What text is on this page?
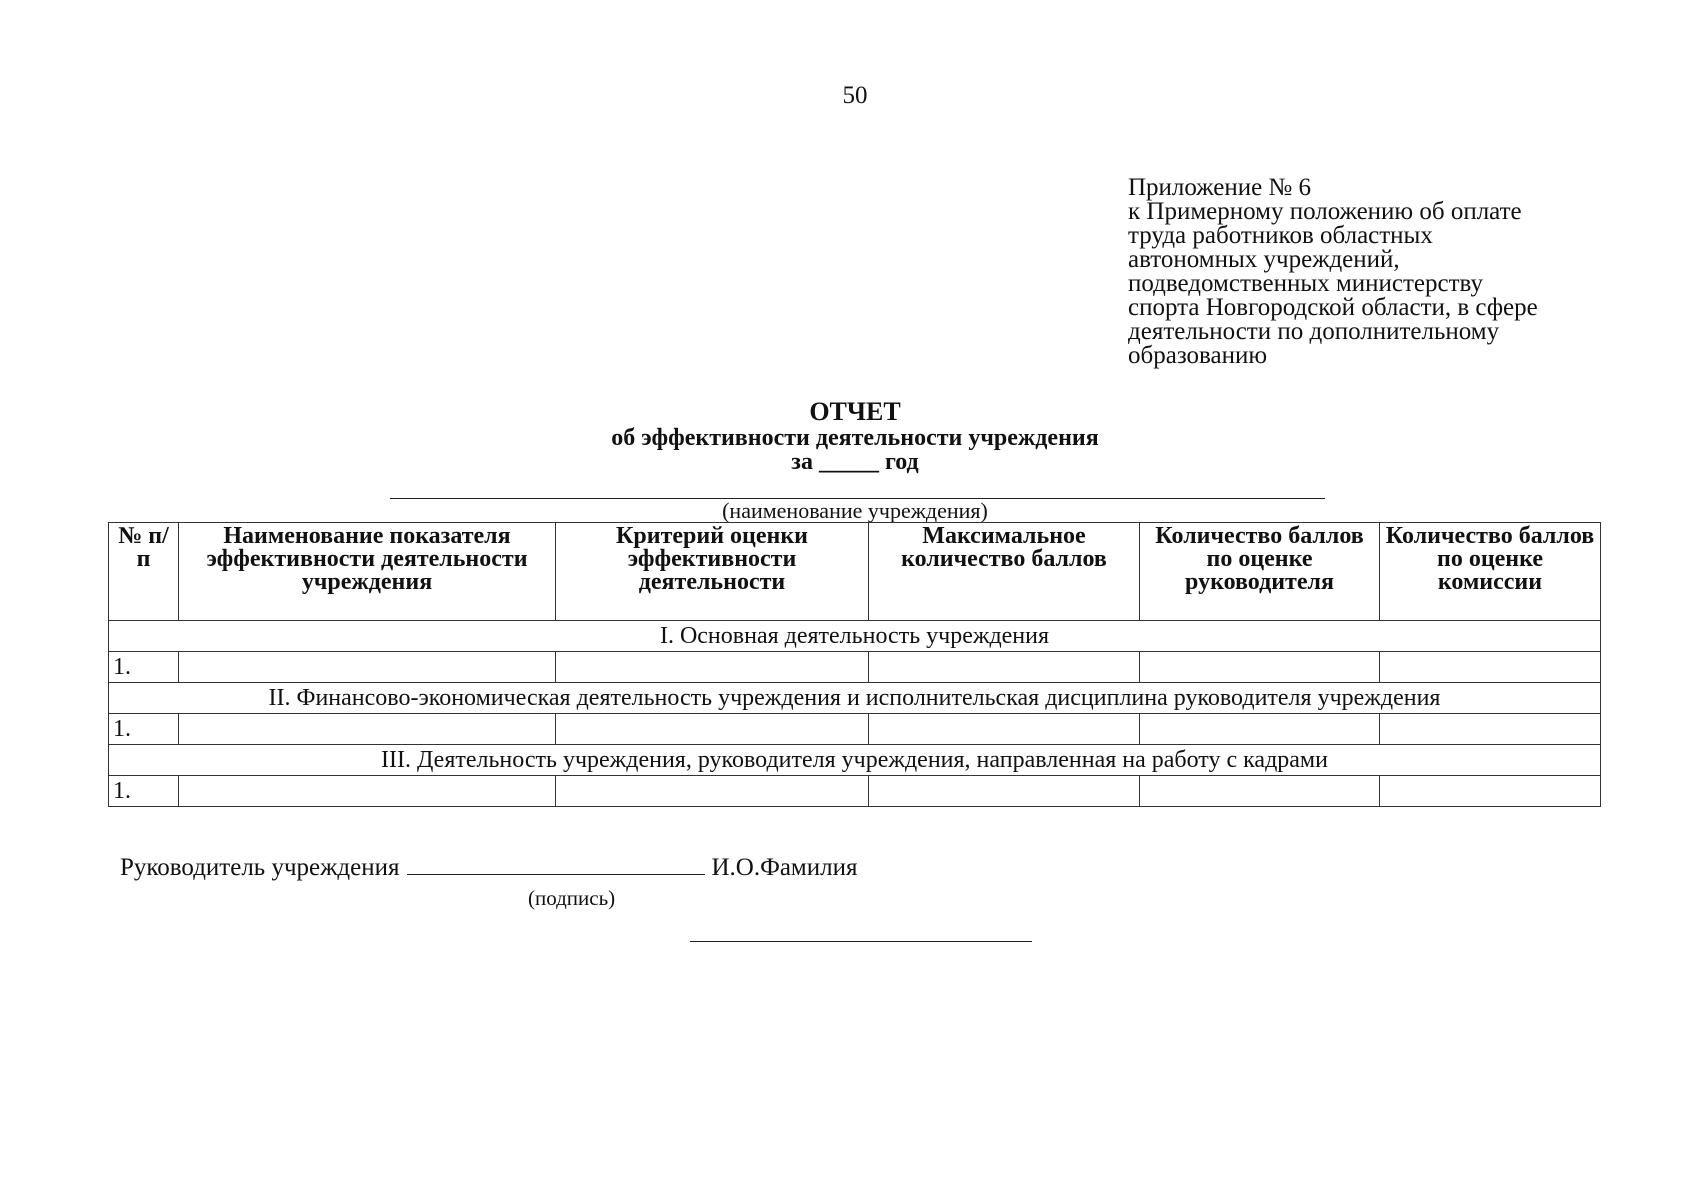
50
Приложение № 6
к Примерному положению об оплате
труда работников областных
автономных учреждений,
подведомственных министерству
спорта Новгородской области, в сфере
деятельности по дополнительному
образованию
ОТЧЕТ
об эффективности деятельности учреждения
за _____ год
(наименование учреждения)
№ п/п	Наименование показателя эффективности деятельности учреждения	Критерий оценки эффективности деятельности	Максимальное количество баллов	Количество баллов по оценке руководителя	Количество баллов по оценке комиссии
I. Основная деятельность учреждения					
1.					
II. Финансово-экономическая деятельность учреждения и исполнительская дисциплина руководителя учреждения					
1.					
III. Деятельность учреждения, руководителя учреждения, направленная на работу с кадрами					
1.					
Руководитель учреждения	И.О.Фамилия
(подпись)
